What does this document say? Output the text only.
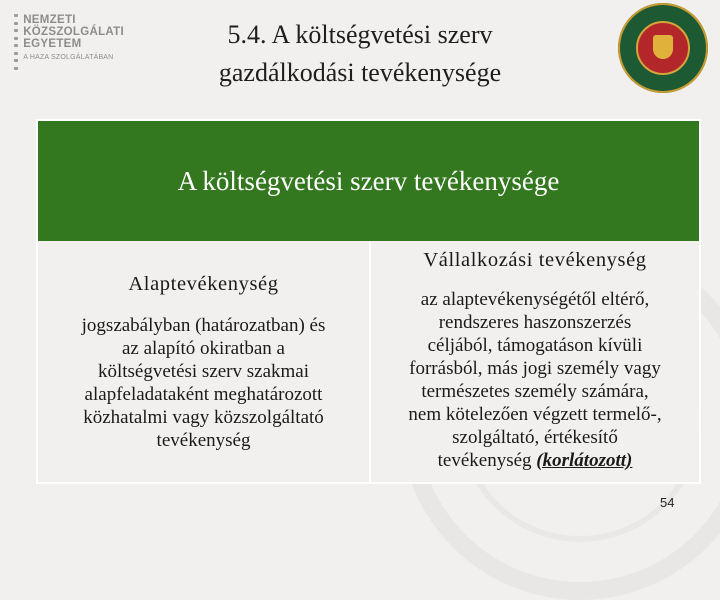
NEMZETI
KÖZSZOLGÁLATI
EGYETEM
A HAZA SZOLGÁLATÁBAN
5.4. A költségvetési szerv
gazdálkodási tevékenysége
A költségvetési szerv tevékenysége
Alaptevékenység
jogszabályban (határozatban) és
az alapító okiratban a
költségvetési szerv szakmai
alapfeladataként meghatározott
közhatalmi vagy közszolgáltató
tevékenység
Vállalkozási tevékenység
az alaptevékenységétől eltérő,
rendszeres haszonszerzés
céljából, támogatáson kívüli
forrásból, más jogi személy vagy
természetes személy számára,
nem kötelezően végzett termelő-,
szolgáltató, értékesítő
tevékenység (korlátozott)
54
